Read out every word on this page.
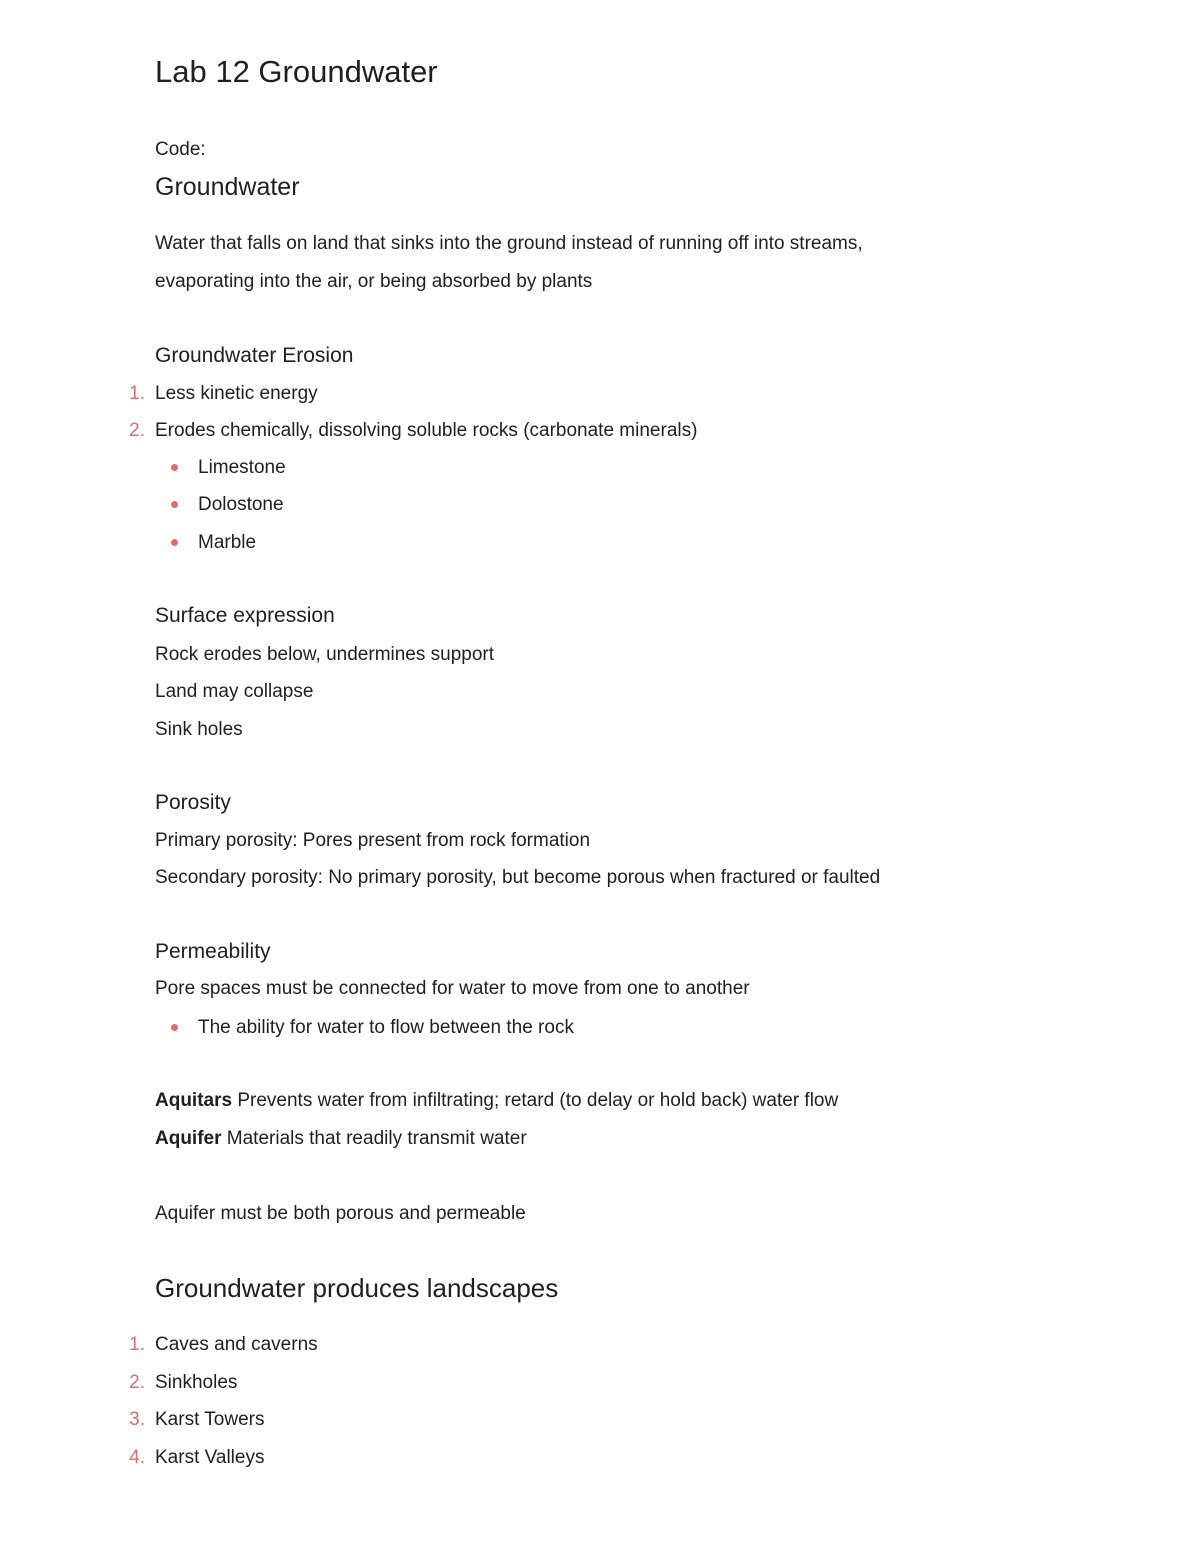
Lab 12 Groundwater
Code:
Groundwater
Water that falls on land that sinks into the ground instead of running off into streams,
evaporating into the air, or being absorbed by plants
Groundwater Erosion
1. Less kinetic energy
2. Erodes chemically, dissolving soluble rocks (carbonate minerals)
Limestone
Dolostone
Marble
Surface expression
Rock erodes below, undermines support
Land may collapse
Sink holes
Porosity
Primary porosity: Pores present from rock formation
Secondary porosity: No primary porosity, but become porous when fractured or faulted
Permeability
Pore spaces must be connected for water to move from one to another
The ability for water to flow between the rock
Aquitars Prevents water from infiltrating; retard (to delay or hold back) water flow
Aquifer Materials that readily transmit water
Aquifer must be both porous and permeable
Groundwater produces landscapes
1. Caves and caverns
2. Sinkholes
3. Karst Towers
4. Karst Valleys
